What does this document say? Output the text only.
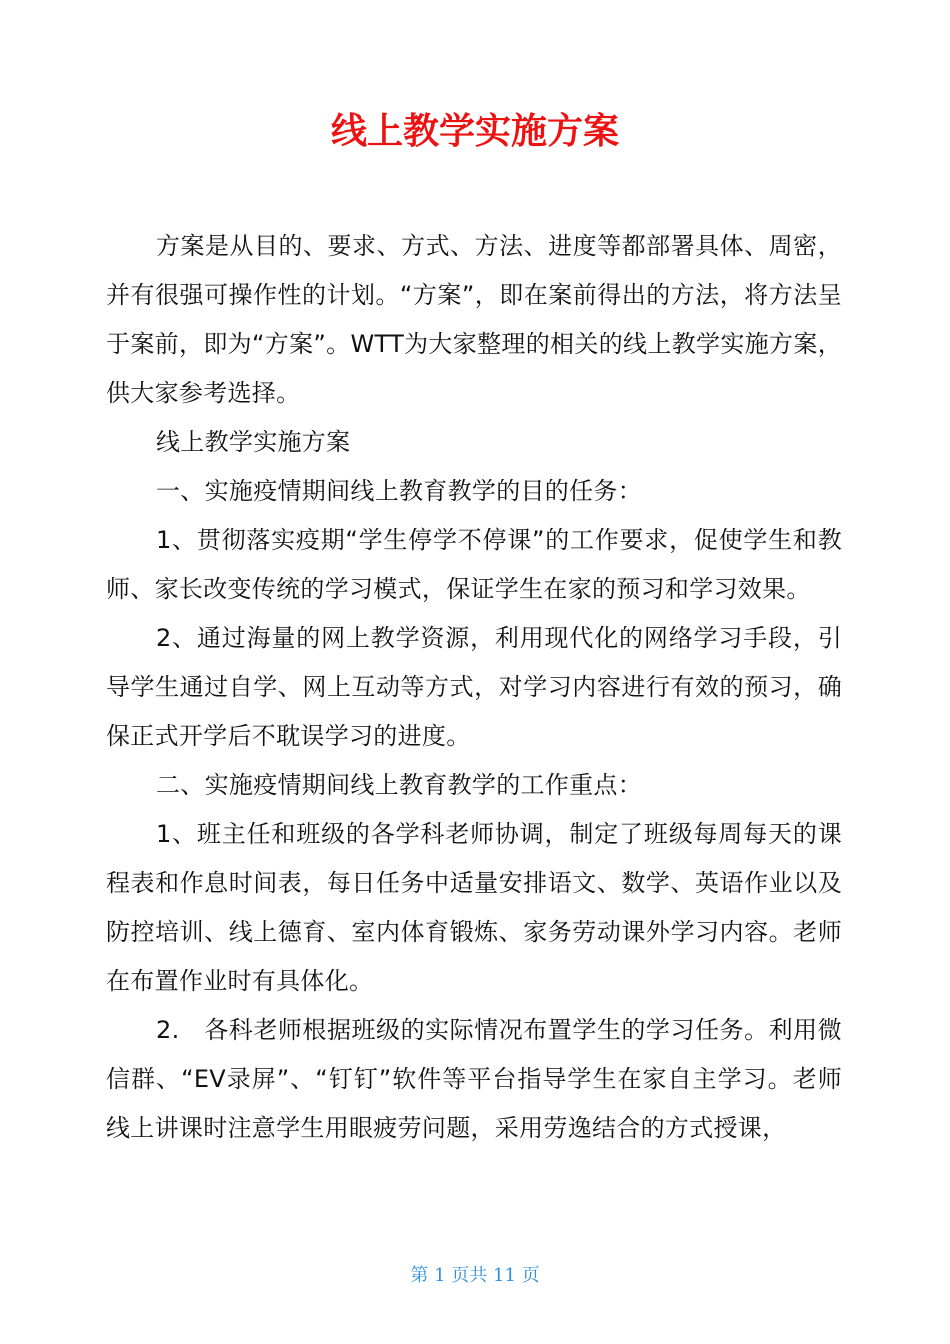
线上教学实施方案

方案是从目的、要求、方式、方法、进度等都部署具体、周密，并有很强可操作性的计划。“方案”，即在案前得出的方法，将方法呈于案前，即为“方案”。WTT为大家整理的相关的线上教学实施方案，供大家参考选择。

线上教学实施方案

一、实施疫情期间线上教育教学的目的任务：

1、贯彻落实疫期“学生停学不停课”的工作要求，促使学生和教师、家长改变传统的学习模式，保证学生在家的预习和学习效果。

2、通过海量的网上教学资源，利用现代化的网络学习手段，引导学生通过自学、网上互动等方式，对学习内容进行有效的预习，确保正式开学后不耽误学习的进度。

二、实施疫情期间线上教育教学的工作重点：

1、班主任和班级的各学科老师协调，制定了班级每周每天的课程表和作息时间表，每日任务中适量安排语文、数学、英语作业以及防控培训、线上德育、室内体育锻炼、家务劳动课外学习内容。老师在布置作业时有具体化。

2.　各科老师根据班级的实际情况布置学生的学习任务。利用微信群、“EV录屏”、“钉钉”软件等平台指导学生在家自主学习。老师线上讲课时注意学生用眼疲劳问题，采用劳逸结合的方式授课，

第 1 页共 11 页
